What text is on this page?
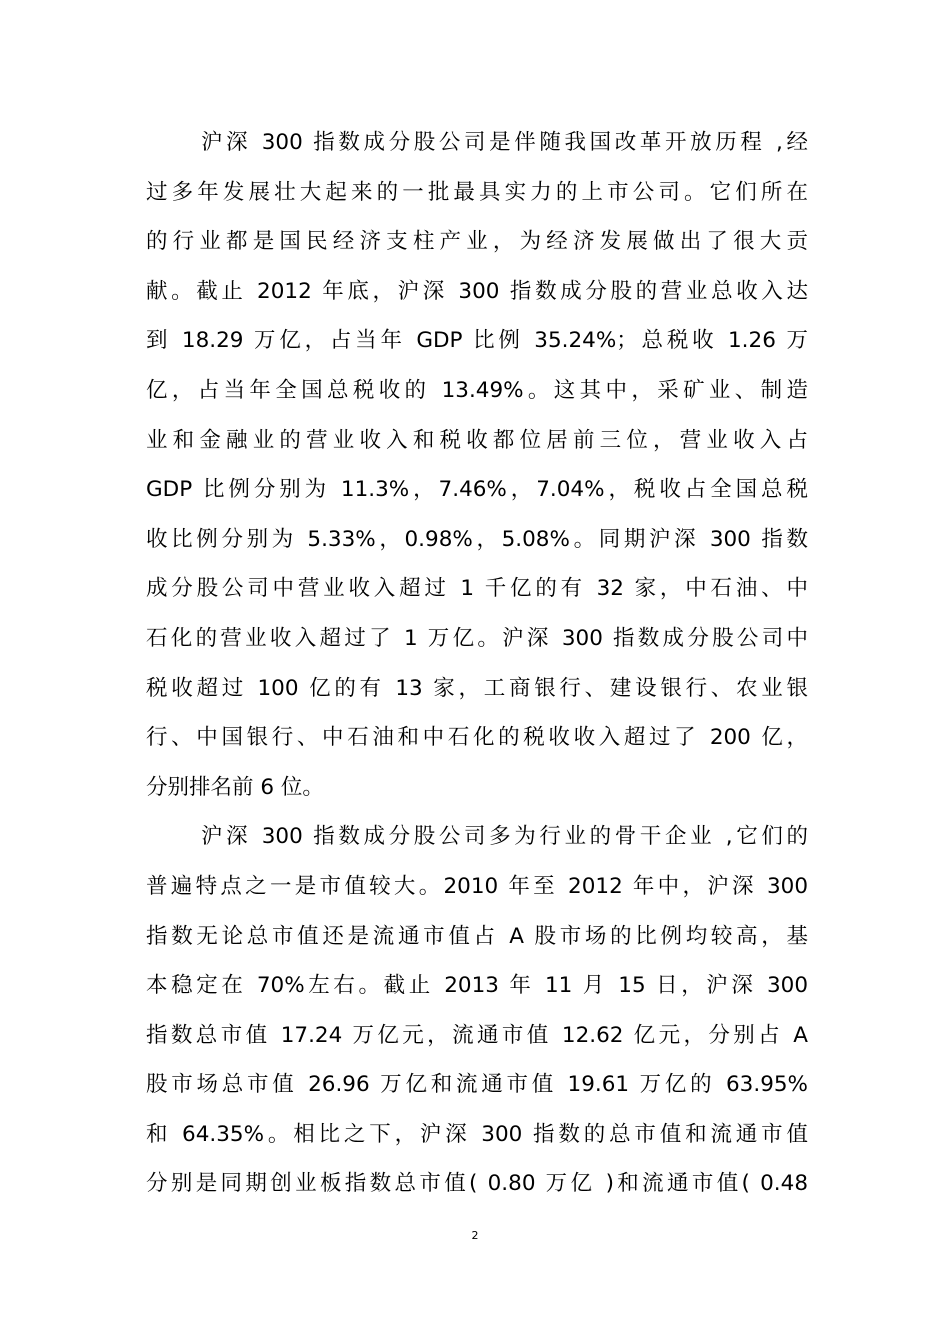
沪深 300 指数成分股公司是伴随我国改革开放历程 ,经
过多年发展壮大起来的一批最具实力的上市公司。它们所在
的行业都是国民经济支柱产业，为经济发展做出了很大贡
献。截止 2012 年底，沪深 300 指数成分股的营业总收入达
到 18.29 万亿，占当年 GDP 比例 35.24%；总税收 1.26 万
亿，占当年全国总税收的 13.49%。这其中，采矿业、制造
业和金融业的营业收入和税收都位居前三位，营业收入占
GDP 比例分别为 11.3%，7.46%，7.04%，税收占全国总税
收比例分别为 5.33%，0.98%，5.08%。同期沪深 300 指数
成分股公司中营业收入超过 1 千亿的有 32 家，中石油、中
石化的营业收入超过了 1 万亿。沪深 300 指数成分股公司中
税收超过 100 亿的有 13 家，工商银行、建设银行、农业银
行、中国银行、中石油和中石化的税收收入超过了 200 亿，
分别排名前 6 位。
沪深 300 指数成分股公司多为行业的骨干企业 ,它们的
普遍特点之一是市值较大。2010 年至 2012 年中，沪深 300
指数无论总市值还是流通市值占 A 股市场的比例均较高，基
本稳定在 70%左右。截止 2013 年 11 月 15 日，沪深 300
指数总市值 17.24 万亿元，流通市值 12.62 亿元，分别占 A
股市场总市值 26.96 万亿和流通市值 19.61 万亿的 63.95%
和 64.35%。相比之下，沪深 300 指数的总市值和流通市值
分别是同期创业板指数总市值( 0.80 万亿 )和流通市值( 0.48
2
